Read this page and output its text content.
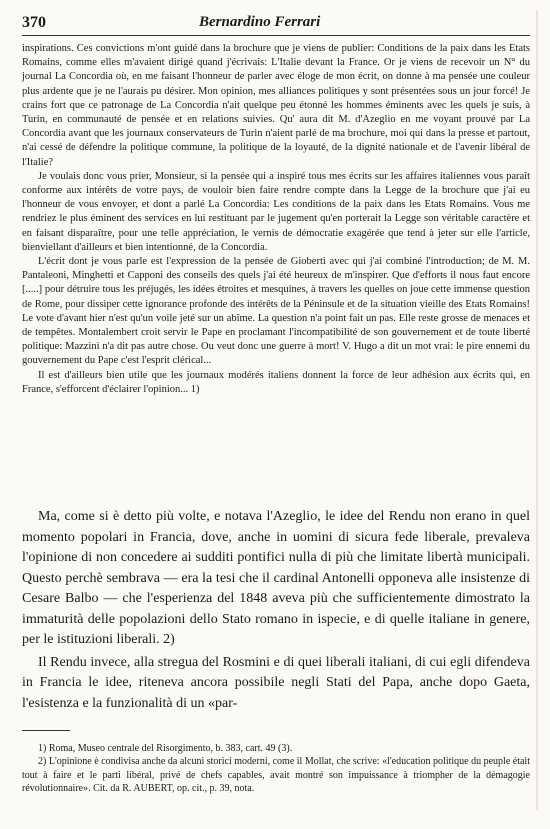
370	Bernardino Ferrari

inspirations. Ces convictions m'ont guidé dans la brochure que je viens de publier: Conditions de la paix dans les Etats Romains, comme elles m'avaient dirigé quand j'écrivais: L'Italie devant la France. Or je viens de recevoir un N° du journal La Concordia où, en me faisant l'honneur de parler avec éloge de mon écrit, on donne à ma pensée une couleur plus ardente que je ne l'aurais pu désirer. Mon opinion, mes alliances politiques y sont présentées sous un jour forcé! Je crains fort que ce patronage de La Concordia n'ait quelque peu étonné les hommes éminents avec les quels je suis, à Turin, en communauté de pensée et en relations suivies. Qu' aura dit M. d'Azeglio en me voyant prouvé par La Concordia avant que les journaux conservateurs de Turin n'aient parlé de ma brochure, moi qui dans la presse et partout, n'ai cessé de défendre la politique commune, la politique de la loyauté, de la dignité nationale et de l'avenir libéral de l'Italie?

Je voulais donc vous prier, Monsieur, si la pensée qui a inspiré tous mes écrits sur les affaires italiennes vous paraît conforme aux intérêts de votre pays, de vouloir bien faire rendre compte dans la Legge de la brochure que j'ai eu l'honneur de vous envoyer, et dont a parlé La Concordia: Les conditions de la paix dans les Etats Romains. Vous me rendriez le plus éminent des services en lui restituant par le jugement qu'en porterait la Legge son véritable caractère et en faisant disparaître, pour une telle appréciation, le vernis de démocratie exagérée que tend à jeter sur elle l'article, bienviellant d'ailleurs et bien intentionné, de la Concordia.

L'écrit dont je vous parle est l'expression de la pensée de Gioberti avec qui j'ai combiné l'introduction; de M. M. Pantaleoni, Minghetti et Capponi des conseils des quels j'ai été heureux de m'inspirer. Que d'efforts il nous faut encore [.....] pour détruire tous les préjugés, les idées étroites et mesquines, à travers les quelles on joue cette immense question de Rome, pour dissiper cette ignorance profonde des intérêts de la Péninsule et de la situation vieille des Etats Romains! Le vote d'avant hier n'est qu'un voile jeté sur un abîme. La question n'a point fait un pas. Elle reste grosse de menaces et de tempêtes. Montalembert croit servir le Pape en proclamant l'incompatibilité de son gouvernement et de toute liberté politique: Mazzini n'a dit pas autre chose. Ou veut donc une guerre à mort! V. Hugo a dit un mot vrai: le pire ennemi du gouvernement du Pape c'est l'esprit clérical...

Il est d'ailleurs bien utile que les journaux modérés italiens donnent la force de leur adhésion aux écrits qui, en France, s'efforcent d'éclairer l'opinion... 1)

Ma, come si è detto più volte, e notava l'Azeglio, le idee del Rendu non erano in quel momento popolari in Francia, dove, anche in uomini di sicura fede liberale, prevaleva l'opinione di non concedere ai sudditi pontifici nulla di più che limitate libertà municipali. Questo perchè sembrava — era la tesi che il cardinal Antonelli opponeva alle insistenze di Cesare Balbo — che l'esperienza del 1848 aveva più che sufficientemente dimostrato la immaturità delle popolazioni dello Stato romano in ispecie, e di quelle italiane in genere, per le istituzioni liberali. 2)

Il Rendu invece, alla stregua del Rosmini e di quei liberali italiani, di cui egli difendeva in Francia le idee, riteneva ancora possibile negli Stati del Papa, anche dopo Gaeta, l'esistenza e la funzionalità di un «par-

1) Roma, Museo centrale del Risorgimento, b. 383, cart. 49 (3).

2) L'opinione è condivisa anche da alcuni storici moderni, come il Mollat, che scrive: «l'education politique du peuple était tout à faire et le parti libéral, privé de chefs capables, avait montré son impuissance à triompher de la démagogie révolutionnaire». Cit. da R. AUBERT, op. cit., p. 39, nota.
